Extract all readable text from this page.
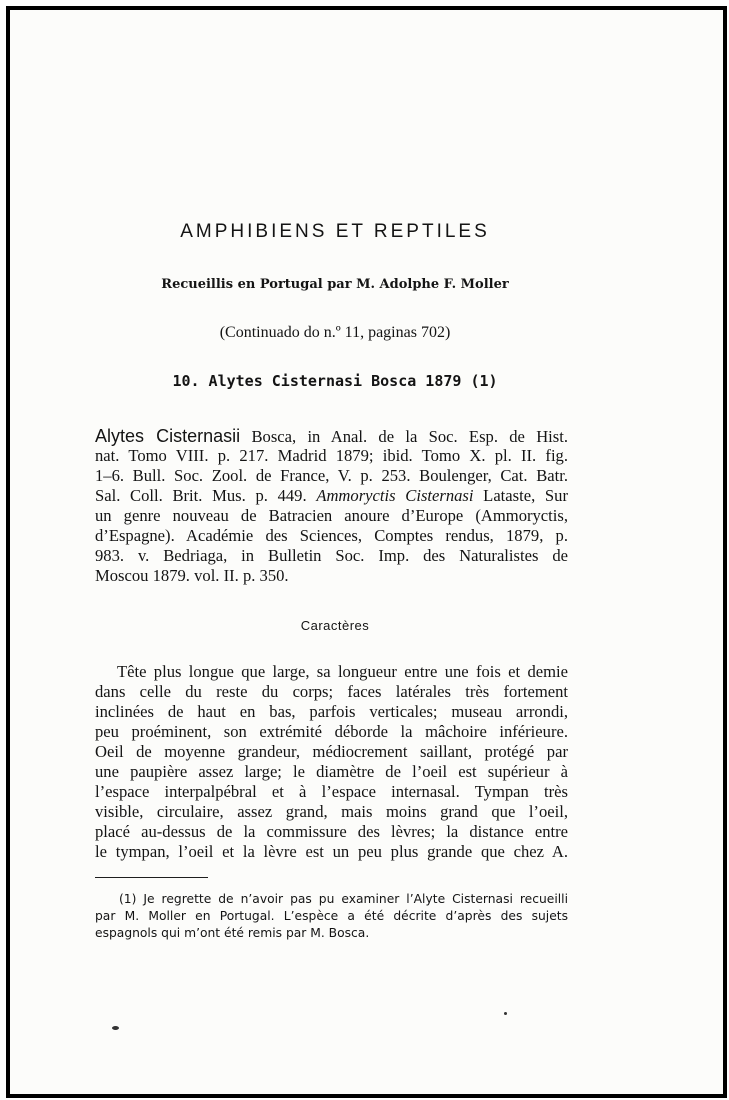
AMPHIBIENS ET REPTILES
Recueillis en Portugal par M. Adolphe F. Moller
(Continuado do n.º 11, paginas 702)
10. Alytes Cisternasi Bosca 1879 (1)
Alytes Cisternasii Bosca, in Anal. de la Soc. Esp. de Hist.
nat. Tomo VIII. p. 217. Madrid 1879; ibid. Tomo X. pl. II. fig.
1–6. Bull. Soc. Zool. de France, V. p. 253. Boulenger, Cat. Batr.
Sal. Coll. Brit. Mus. p. 449. Ammoryctis Cisternasi Lataste, Sur
un genre nouveau de Batracien anoure d’Europe (Ammoryctis,
d’Espagne). Académie des Sciences, Comptes rendus, 1879, p.
983. v. Bedriaga, in Bulletin Soc. Imp. des Naturalistes de
Moscou 1879. vol. II. p. 350.
Caractères
Tête plus longue que large, sa longueur entre une fois et demie
dans celle du reste du corps; faces latérales très fortement
inclinées de haut en bas, parfois verticales; museau arrondi,
peu proéminent, son extrémité déborde la mâchoire inférieure.
Oeil de moyenne grandeur, médiocrement saillant, protégé par
une paupière assez large; le diamètre de l’oeil est supérieur à
l’espace interpalpébral et à l’espace internasal. Tympan très
visible, circulaire, assez grand, mais moins grand que l’oeil,
placé au-dessus de la commissure des lèvres; la distance entre
le tympan, l’oeil et la lèvre est un peu plus grande que chez A.
(1) Je regrette de n’avoir pas pu examiner l’Alyte Cisternasi recueilli
par M. Moller en Portugal. L’espèce a été décrite d’après des sujets
espagnols qui m’ont été remis par M. Bosca.
